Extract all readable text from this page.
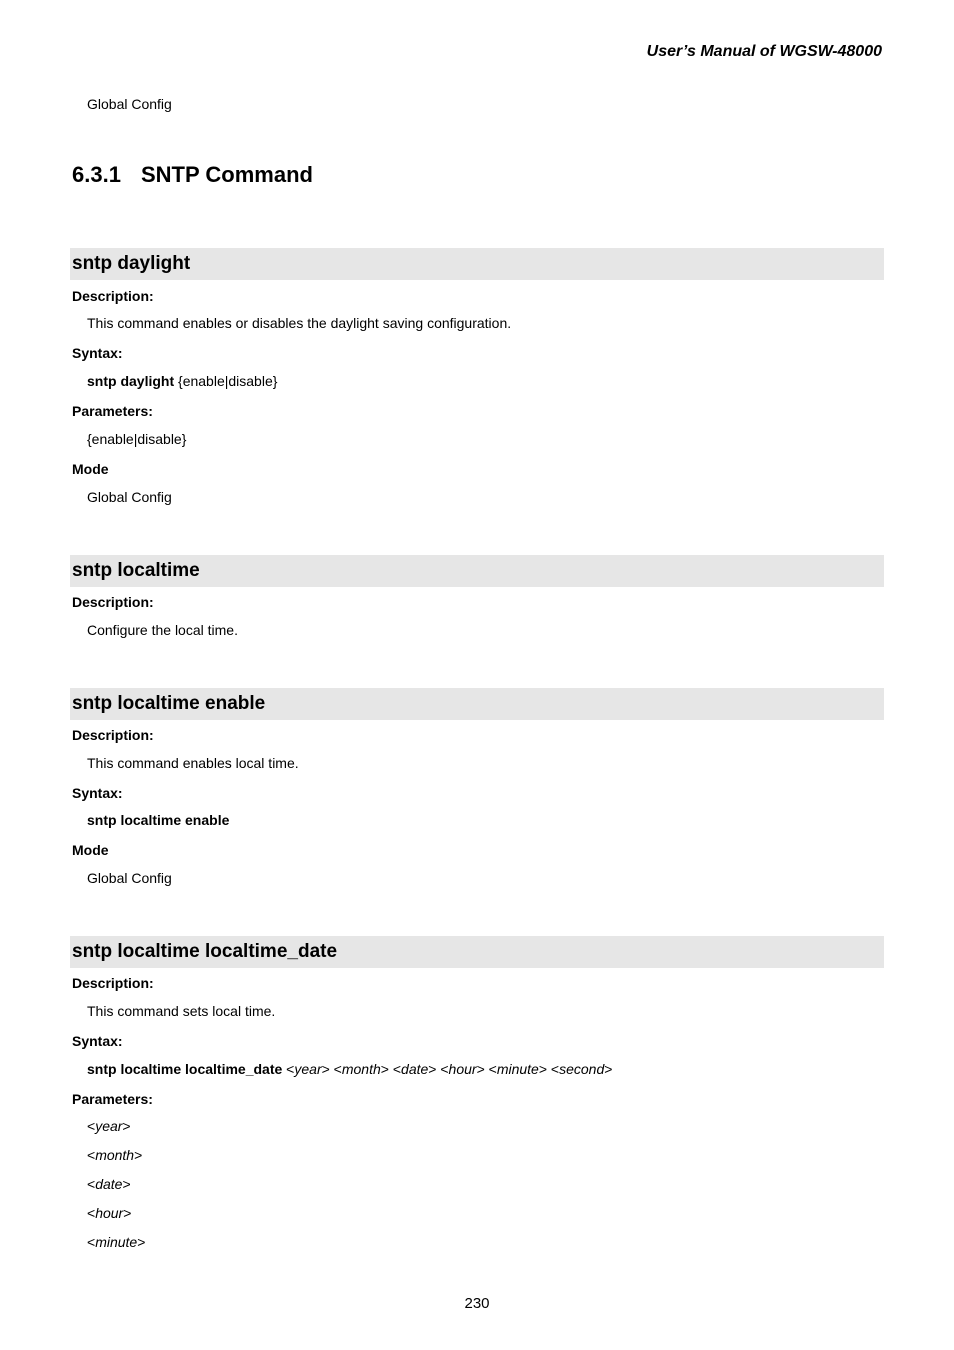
User’s Manual of WGSW-48000
Global Config
6.3.1 SNTP Command
sntp daylight
Description:
This command enables or disables the daylight saving configuration.
Syntax:
sntp daylight {enable|disable}
Parameters:
{enable|disable}
Mode
Global Config
sntp localtime
Description:
Configure the local time.
sntp localtime enable
Description:
This command enables local time.
Syntax:
sntp localtime enable
Mode
Global Config
sntp localtime localtime_date
Description:
This command sets local time.
Syntax:
sntp localtime localtime_date <year> <month> <date> <hour> <minute> <second>
Parameters:
<year>
<month>
<date>
<hour>
<minute>
230
